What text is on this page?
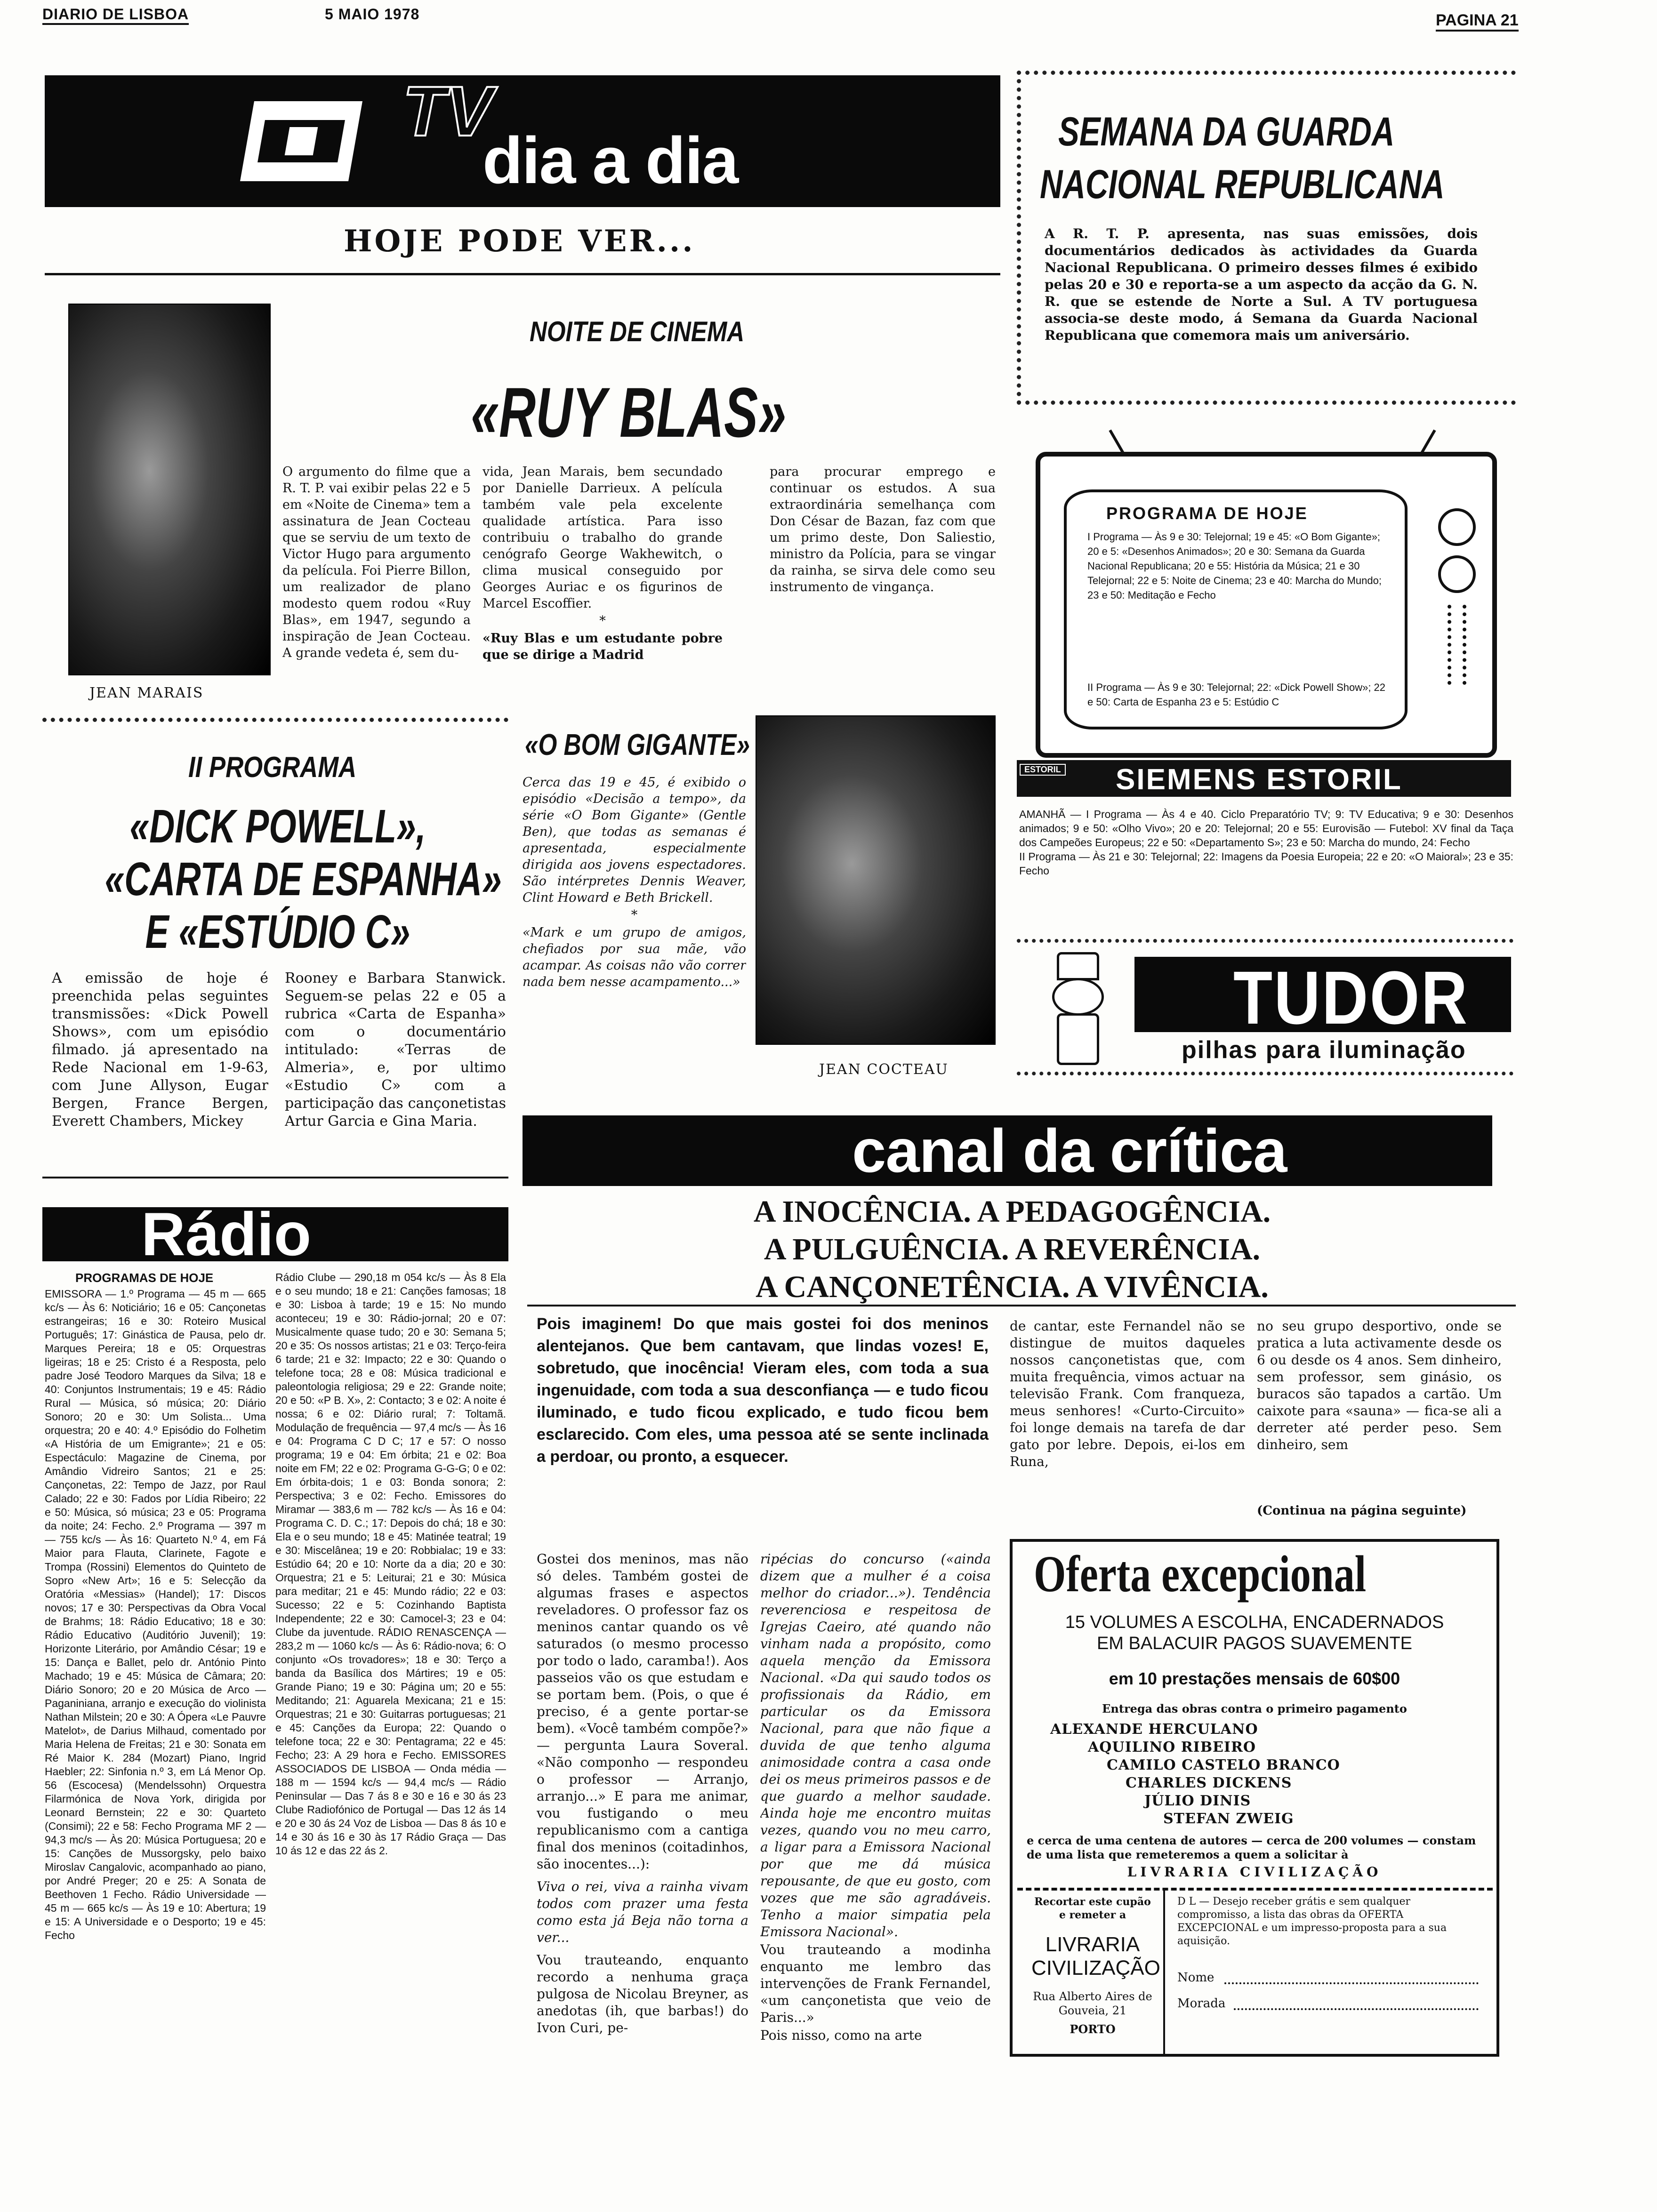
DIARIO DE LISBOA	5 MAIO 1978	PAGINA 21
TV
dia a dia
HOJE PODE VER...
JEAN MARAIS
NOITE DE CINEMA
«RUY BLAS»
O argumento do filme que a R. T. P. vai exibir pelas 22 e 5 em «Noite de Cinema» tem a assinatura de Jean Cocteau que se serviu de um texto de Victor Hugo para argumento da película. Foi Pierre Billon, um realizador de plano modesto quem rodou «Ruy Blas», em 1947, segundo a inspiração de Jean Cocteau. A grande vedeta é, sem du-

vida, Jean Marais, bem secundado por Danielle Darrieux. A película também vale pela excelente qualidade artística. Para isso contribuiu o trabalho do grande cenógrafo George Wakhewitch, o clima musical conseguido por Georges Auriac e os figurinos de Marcel Escoffier.

*

«Ruy Blas e um estudante pobre que se dirige a Madrid

para procurar emprego e continuar os estudos. A sua extraordinária semelhança com Don César de Bazan, faz com que um primo deste, Don Saliestio, ministro da Polícia, para se vingar da rainha, se sirva dele como seu instrumento de vingança.
«O BOM GIGANTE»

Cerca das 19 e 45, é exibido o episódio «Decisão a tempo», da série «O Bom Gigante» (Gentle Ben), que todas as semanas é apresentada, especialmente dirigida aos jovens espectadores. São intérpretes Dennis Weaver, Clint Howard e Beth Brickell.

*

«Mark e um grupo de amigos, chefiados por sua mãe, vão acampar. As coisas não vão correr nada bem nesse acampamento...»

JEAN COCTEAU
II PROGRAMA
«DICK POWELL»,
«CARTA DE ESPANHA»
E «ESTÚDIO C»
A emissão de hoje é preenchida pelas seguintes transmissões: «Dick Powell Shows», com um episódio filmado. já apresentado na Rede Nacional em 1-9-63, com June Allyson, Eugar Bergen, France Bergen, Everett Chambers, Mickey
Rooney e Barbara Stanwick. Seguem-se pelas 22 e 05 a rubrica «Carta de Espanha» com o documentário intitulado: «Terras de Almeria», e, por ultimo «Estudio C» com a participação das cançonetistas Artur Garcia e Gina Maria.
SEMANA DA GUARDA
NACIONAL REPUBLICANA
A R. T. P. apresenta, nas suas emissões, dois documentários dedicados às actividades da Guarda Nacional Republicana. O primeiro desses filmes é exibido pelas 20 e 30 e reporta-se a um aspecto da acção da G. N. R. que se estende de Norte a Sul. A TV portuguesa associa-se deste modo, á Semana da Guarda Nacional Republicana que comemora mais um aniversário.
PROGRAMA DE HOJE
I Programa — Às 9 e 30: Telejornal; 19 e 45: «O Bom Gigante»; 20 e 5: «Desenhos Animados»; 20 e 30: Semana da Guarda Nacional Republicana; 20 e 55: História da Música; 21 e 30 Telejornal; 22 e 5: Noite de Cinema; 23 e 40: Marcha do Mundo; 23 e 50: Meditação e Fecho
II Programa — Às 9 e 30: Telejornal; 22: «Dick Powell Show»; 22 e 50: Carta de Espanha 23 e 5: Estúdio C
ESTORIL SIEMENS ESTORIL

AMANHÃ — I Programa — Às 4 e 40. Ciclo Preparatório TV; 9: TV Educativa; 9 e 30: Desenhos animados; 9 e 50: «Olho Vivo»; 20 e 20: Telejornal; 20 e 55: Eurovisão — Futebol: XV final da Taça dos Campeões Europeus; 22 e 50: «Departamento S»; 23 e 50: Marcha do mundo, 24: Fecho

II Programa — Às 21 e 30: Telejornal; 22: Imagens da Poesia Europeia; 22 e 20: «O Maioral»; 23 e 35: Fecho

TUDOR
pilhas para iluminação
canal da crítica
A INOCÊNCIA. A PEDAGOGÊNCIA.
A PULGUÊNCIA. A REVERÊNCIA.
A CANÇONETÊNCIA. A VIVÊNCIA.
Pois imaginem! Do que mais gostei foi dos meninos alentejanos. Que bem cantavam, que lindas vozes! E, sobretudo, que inocência! Vieram eles, com toda a sua ingenuidade, com toda a sua desconfiança — e tudo ficou iluminado, e tudo ficou explicado, e tudo ficou bem esclarecido. Com eles, uma pessoa até se sente inclinada a perdoar, ou pronto, a esquecer.

Gostei dos meninos, mas não só deles. Também gostei de algumas frases e aspectos reveladores. O professor faz os meninos cantar quando os vê saturados (o mesmo processo por todo o lado, caramba!). Aos passeios vão os que estudam e se portam bem. (Pois, o que é preciso, é a gente portar-se bem). «Você também compõe?» — pergunta Laura Soveral. «Não componho — respondeu o professor — Arranjo, arranjo...» E para me animar, vou fustigando o meu republicanismo com a cantiga final dos meninos (coitadinhos, são inocentes...):

Viva o rei, viva a rainha vivam todos com prazer uma festa como esta já Beja não torna a ver...

Vou trauteando, enquanto recordo a nenhuma graça pulgosa de Nicolau Breyner, as anedotas (ih, que barbas!) do Ivon Curi, pe-

ripécias do concurso («ainda dizem que a mulher é a coisa melhor do criador...»). Tendência reverenciosa e respeitosa de Igrejas Caeiro, até quando não vinham nada a propósito, como aquela menção da Emissora Nacional. «Da qui saudo todos os profissionais da Rádio, em particular os da Emissora Nacional, para que não fique a duvida de que tenho alguma animosidade contra a casa onde dei os meus primeiros passos e de que guardo a melhor saudade. Ainda hoje me encontro muitas vezes, quando vou no meu carro, a ligar para a Emissora Nacional por que me dá música repousante, de que eu gosto, com vozes que me são agradáveis. Tenho a maior simpatia pela Emissora Nacional».

Vou trauteando a modinha enquanto me lembro das intervenções de Frank Fernandel, «um cançonetista que veio de Paris...»

Pois nisso, como na arte

de cantar, este Fernandel não se distingue de muitos daqueles nossos cançonetistas que, com muita frequência, vimos actuar na televisão Frank. Com franqueza, meus senhores! «Curto-Circuito» foi longe demais na tarefa de dar gato por lebre. Depois, ei-los em Runa,
no seu grupo desportivo, onde se pratica a luta activamente desde os 6 ou desde os 4 anos. Sem dinheiro, sem professor, sem ginásio, os buracos são tapados a cartão. Um caixote para «sauna» — fica-se ali a derreter até perder peso. Sem dinheiro, sem
(Continua na página seguinte)
Oferta excepcional
15 VOLUMES A ESCOLHA, ENCADERNADOS
EM BALACUIR PAGOS SUAVEMENTE
em 10 prestações mensais de 60$00
Entrega das obras contra o primeiro pagamento
ALEXANDE HERCULANO
AQUILINO RIBEIRO
CAMILO CASTELO BRANCO
CHARLES DICKENS
JÚLIO DINIS
STEFAN ZWEIG
e cerca de uma centena de autores — cerca de 200 volumes — constam de uma lista que remeteremos a quem a solicitar à
LIVRARIA CIVILIZAÇÃO
Recortar este cupão e remeter a
LIVRARIA
CIVILIZAÇÃO
Rua Alberto Aires de Gouveia, 21
PORTO
D L — Desejo receber grátis e sem qualquer compromisso, a lista das obras da OFERTA EXCEPCIONAL e um impresso-proposta para a sua aquisição.
Nome
Morada
Rádio
PROGRAMAS DE HOJE
EMISSORA — 1.º Programa — 45 m — 665 kc/s — Às 6: Noticiário; 16 e 05: Cançonetas estrangeiras; 16 e 30: Roteiro Musical Português; 17: Ginástica de Pausa, pelo dr. Marques Pereira; 18 e 05: Orquestras ligeiras; 18 e 25: Cristo é a Resposta, pelo padre José Teodoro Marques da Silva; 18 e 40: Conjuntos Instrumentais; 19 e 45: Rádio Rural — Música, só música; 20: Diário Sonoro; 20 e 30: Um Solista... Uma orquestra; 20 e 40: 4.º Episódio do Folhetim «A História de um Emigrante»; 21 e 05: Espectáculo: Magazine de Cinema, por Amândio Vidreiro Santos; 21 e 25: Cançonetas, 22: Tempo de Jazz, por Raul Calado; 22 e 30: Fados por Lídia Ribeiro; 22 e 50: Música, só música; 23 e 05: Programa da noite; 24: Fecho. 2.º Programa — 397 m — 755 kc/s — Às 16: Quarteto N.º 4, em Fá Maior para Flauta, Clarinete, Fagote e Trompa (Rossini) Elementos do Quinteto de Sopro «New Art»; 16 e 5: Selecção da Oratória «Messias» (Handel); 17: Discos novos; 17 e 30: Perspectivas da Obra Vocal de Brahms; 18: Rádio Educativo; 18 e 30: Rádio Educativo (Auditório Juvenil); 19: Horizonte Literário, por Amândio César; 19 e 15: Dança e Ballet, pelo dr. António Pinto Machado; 19 e 45: Música de Câmara; 20: Diário Sonoro; 20 e 20 Música de Arco — Paganiniana, arranjo e execução do violinista Nathan Milstein; 20 e 30: A Ópera «Le Pauvre Matelot», de Darius Milhaud, comentado por Maria Helena de Freitas; 21 e 30: Sonata em Ré Maior K. 284 (Mozart) Piano, Ingrid Haebler; 22: Sinfonia n.º 3, em Lá Menor Op. 56 (Escocesa) (Mendelssohn) Orquestra Filarmónica de Nova York, dirigida por Leonard Bernstein; 22 e 30: Quarteto (Consimi); 22 e 58: Fecho Programa MF 2 — 94,3 mc/s — Às 20: Música Portuguesa; 20 e 15: Canções de Mussorgsky, pelo baixo Miroslav Cangalovic, acompanhado ao piano, por André Preger; 20 e 25: A Sonata de Beethoven 1 Fecho. Rádio Universidade — 45 m — 665 kc/s — Às 19 e 10: Abertura; 19 e 15: A Universidade e o Desporto; 19 e 45: Fecho
Rádio Clube — 290,18 m 054 kc/s — Às 8 Ela e o seu mundo; 18 e 21: Canções famosas; 18 e 30: Lisboa à tarde; 19 e 15: No mundo aconteceu; 19 e 30: Rádio-jornal; 20 e 07: Musicalmente quase tudo; 20 e 30: Semana 5; 20 e 35: Os nossos artistas; 21 e 03: Terço-feira 6 tarde; 21 e 32: Impacto; 22 e 30: Quando o telefone toca; 28 e 08: Música tradicional e paleontologia religiosa; 29 e 22: Grande noite; 20 e 50: «P B. X», 2: Contacto; 3 e 02: A noite é nossa; 6 e 02: Diário rural; 7: Toltamã. Modulação de frequência — 97,4 mc/s — Às 16 e 04: Programa C D C; 17 e 57: O nosso programa; 19 e 04: Em órbita; 21 e 02: Boa noite em FM; 22 e 02: Programa G-G-G; 0 e 02: Em órbita-dois; 1 e 03: Bonda sonora; 2: Perspectiva; 3 e 02: Fecho. Emissores do Miramar — 383,6 m — 782 kc/s — Às 16 e 04: Programa C. D. C.; 17: Depois do chá; 18 e 30: Ela e o seu mundo; 18 e 45: Matinée teatral; 19 e 30: Miscelânea; 19 e 20: Robbialac; 19 e 33: Estúdio 64; 20 e 10: Norte da a dia; 20 e 30: Orquestra; 21 e 5: Leiturai; 21 e 30: Música para meditar; 21 e 45: Mundo rádio; 22 e 03: Sucesso; 22 e 5: Cozinhando Baptista Independente; 22 e 30: Camocel-3; 23 e 04: Clube da juventude. RÁDIO RENASCENÇA — 283,2 m — 1060 kc/s — Às 6: Rádio-nova; 6: O conjunto «Os trovadores»; 18 e 30: Terço a banda da Basílica dos Mártires; 19 e 05: Grande Piano; 19 e 30: Página um; 20 e 55: Meditando; 21: Aguarela Mexicana; 21 e 15: Orquestras; 21 e 30: Guitarras portuguesas; 21 e 45: Canções da Europa; 22: Quando o telefone toca; 22 e 30: Pentagrama; 22 e 45: Fecho; 23: A 29 hora e Fecho. EMISSORES ASSOCIADOS DE LISBOA — Onda média — 188 m — 1594 kc/s — 94,4 mc/s — Rádio Peninsular — Das 7 ás 8 e 30 e 16 e 30 ás 23 Clube Radiofónico de Portugal — Das 12 ás 14 e 20 e 30 ás 24 Voz de Lisboa — Das 8 ás 10 e 14 e 30 ás 16 e 30 às 17 Rádio Graça — Das 10 ás 12 e das 22 ás 2.
